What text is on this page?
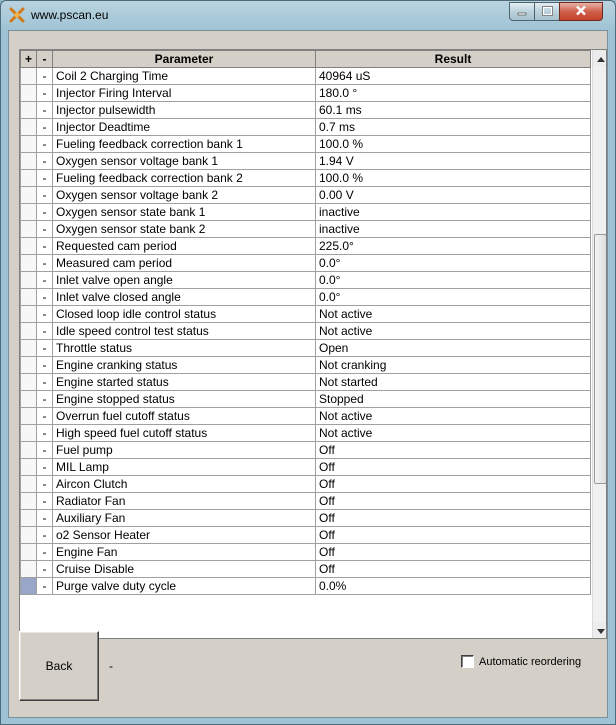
www.pscan.eu
+	-	Parameter	Result
	-	Coil 2 Charging Time	40964 uS
	-	Injector Firing Interval	180.0 °
	-	Injector pulsewidth	60.1 ms
	-	Injector Deadtime	0.7 ms
	-	Fueling feedback correction bank 1	100.0 %
	-	Oxygen sensor voltage bank 1	1.94 V
	-	Fueling feedback correction bank 2	100.0 %
	-	Oxygen sensor voltage bank 2	0.00 V
	-	Oxygen sensor state bank 1	inactive
	-	Oxygen sensor state bank 2	inactive
	-	Requested cam period	225.0°
	-	Measured cam period	0.0°
	-	Inlet valve open angle	0.0°
	-	Inlet valve closed angle	0.0°
	-	Closed loop idle control status	Not active
	-	Idle speed control test status	Not active
	-	Throttle status	Open
	-	Engine cranking status	Not cranking
	-	Engine started status	Not started
	-	Engine stopped status	Stopped
	-	Overrun fuel cutoff status	Not active
	-	High speed fuel cutoff status	Not active
	-	Fuel pump	Off
	-	MIL Lamp	Off
	-	Aircon Clutch	Off
	-	Radiator Fan	Off
	-	Auxiliary Fan	Off
	-	o2 Sensor Heater	Off
	-	Engine Fan	Off
	-	Cruise Disable	Off
	-	Purge valve duty cycle	0.0%
Back	-	Automatic reordering
